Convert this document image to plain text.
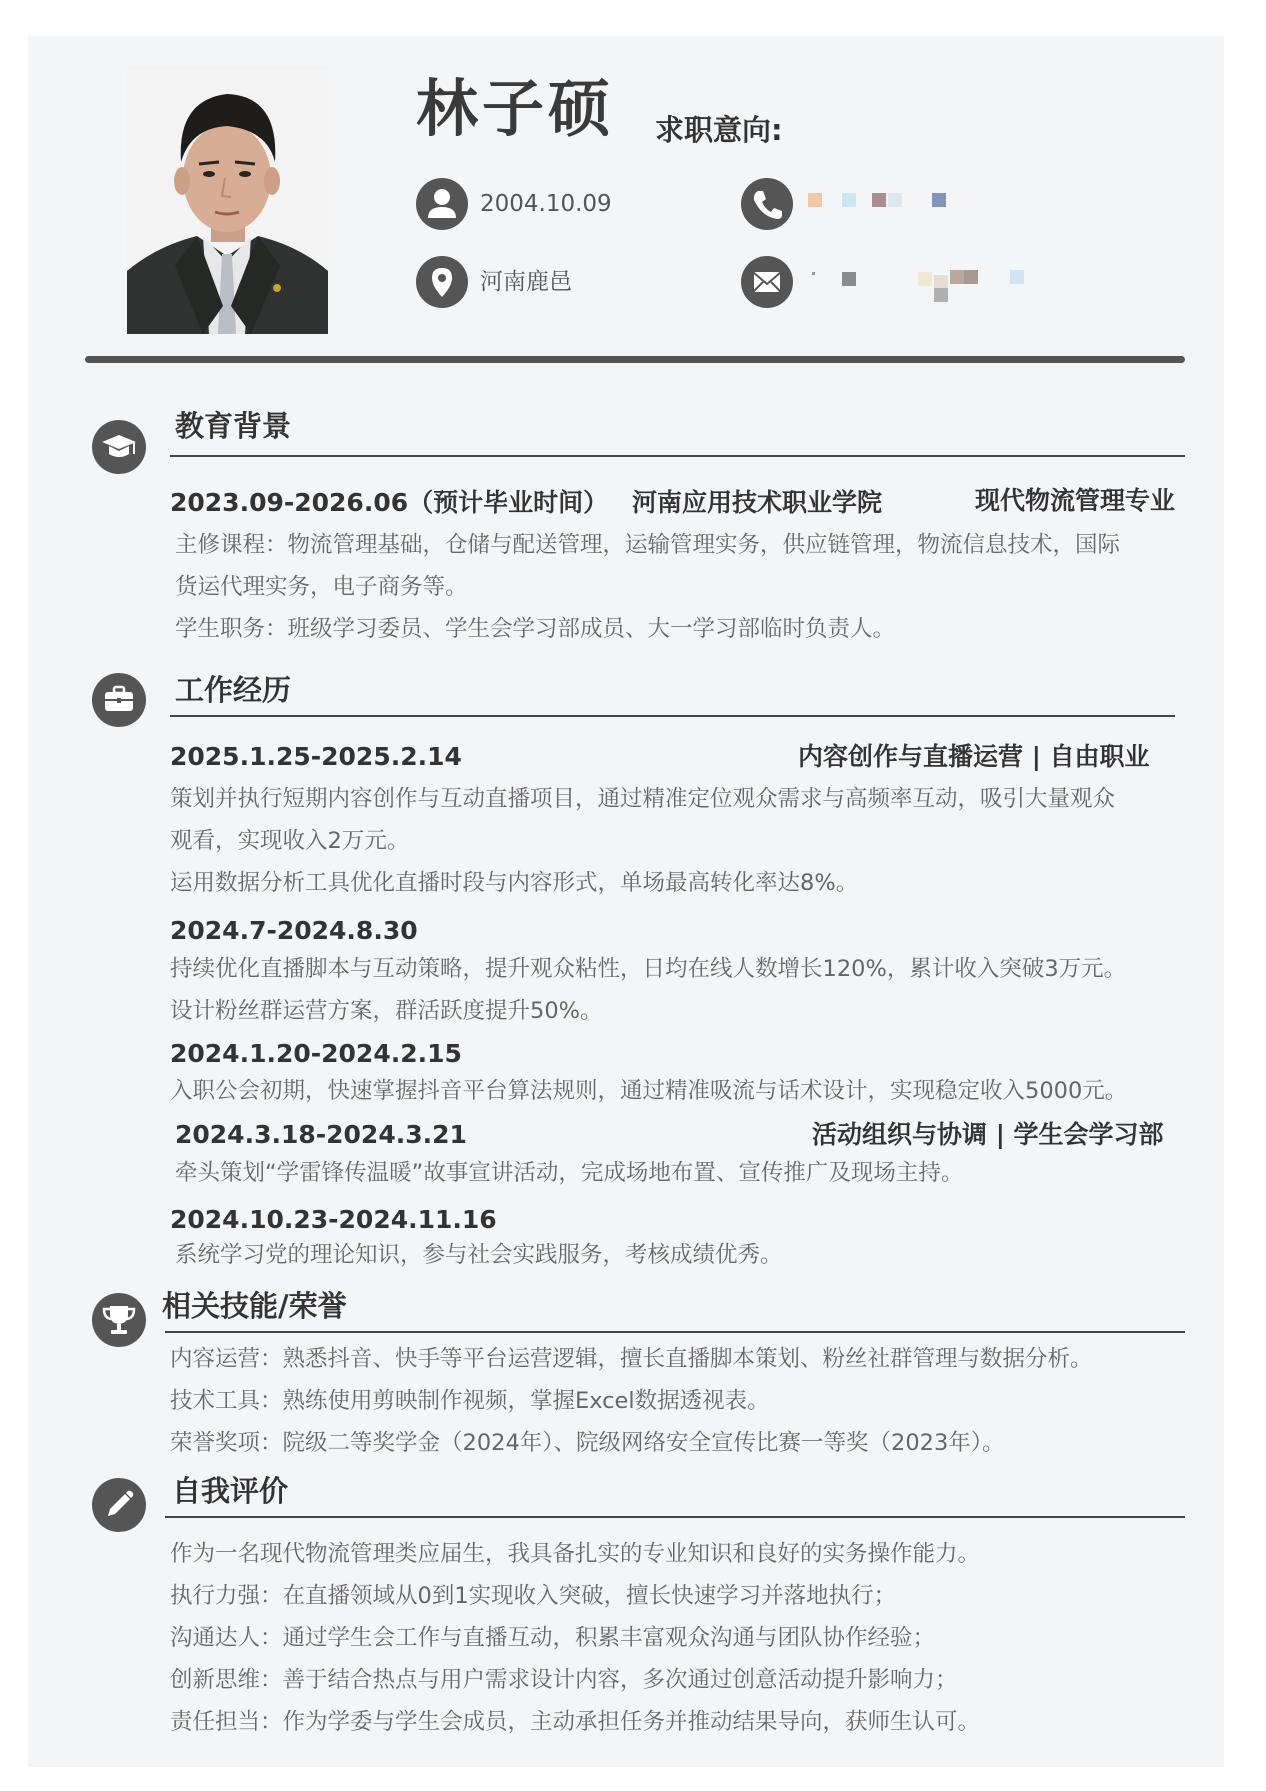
林子硕 求职意向:
2004.10.09
河南鹿邑
教育背景
2023.09-2026.06（预计毕业时间） 河南应用技术职业学院	现代物流管理专业
主修课程：物流管理基础，仓储与配送管理，运输管理实务，供应链管理，物流信息技术，国际
货运代理实务，电子商务等。
学生职务：班级学习委员、学生会学习部成员、大一学习部临时负责人。
工作经历
2025.1.25-2025.2.14	内容创作与直播运营 | 自由职业
策划并执行短期内容创作与互动直播项目，通过精准定位观众需求与高频率互动，吸引大量观众
观看，实现收入2万元。
运用数据分析工具优化直播时段与内容形式，单场最高转化率达8%。
2024.7-2024.8.30
持续优化直播脚本与互动策略，提升观众粘性，日均在线人数增长120%，累计收入突破3万元。
设计粉丝群运营方案，群活跃度提升50%。
2024.1.20-2024.2.15
入职公会初期，快速掌握抖音平台算法规则，通过精准吸流与话术设计，实现稳定收入5000元。
2024.3.18-2024.3.21	活动组织与协调 | 学生会学习部
牵头策划“学雷锋传温暖”故事宣讲活动，完成场地布置、宣传推广及现场主持。
2024.10.23-2024.11.16
系统学习党的理论知识，参与社会实践服务，考核成绩优秀。
相关技能/荣誉
内容运营：熟悉抖音、快手等平台运营逻辑，擅长直播脚本策划、粉丝社群管理与数据分析。
技术工具：熟练使用剪映制作视频，掌握Excel数据透视表。
荣誉奖项：院级二等奖学金（2024年）、院级网络安全宣传比赛一等奖（2023年）。
自我评价
作为一名现代物流管理类应届生，我具备扎实的专业知识和良好的实务操作能力。
执行力强：在直播领域从0到1实现收入突破，擅长快速学习并落地执行；
沟通达人：通过学生会工作与直播互动，积累丰富观众沟通与团队协作经验；
创新思维：善于结合热点与用户需求设计内容，多次通过创意活动提升影响力；
责任担当：作为学委与学生会成员，主动承担任务并推动结果导向，获师生认可。
